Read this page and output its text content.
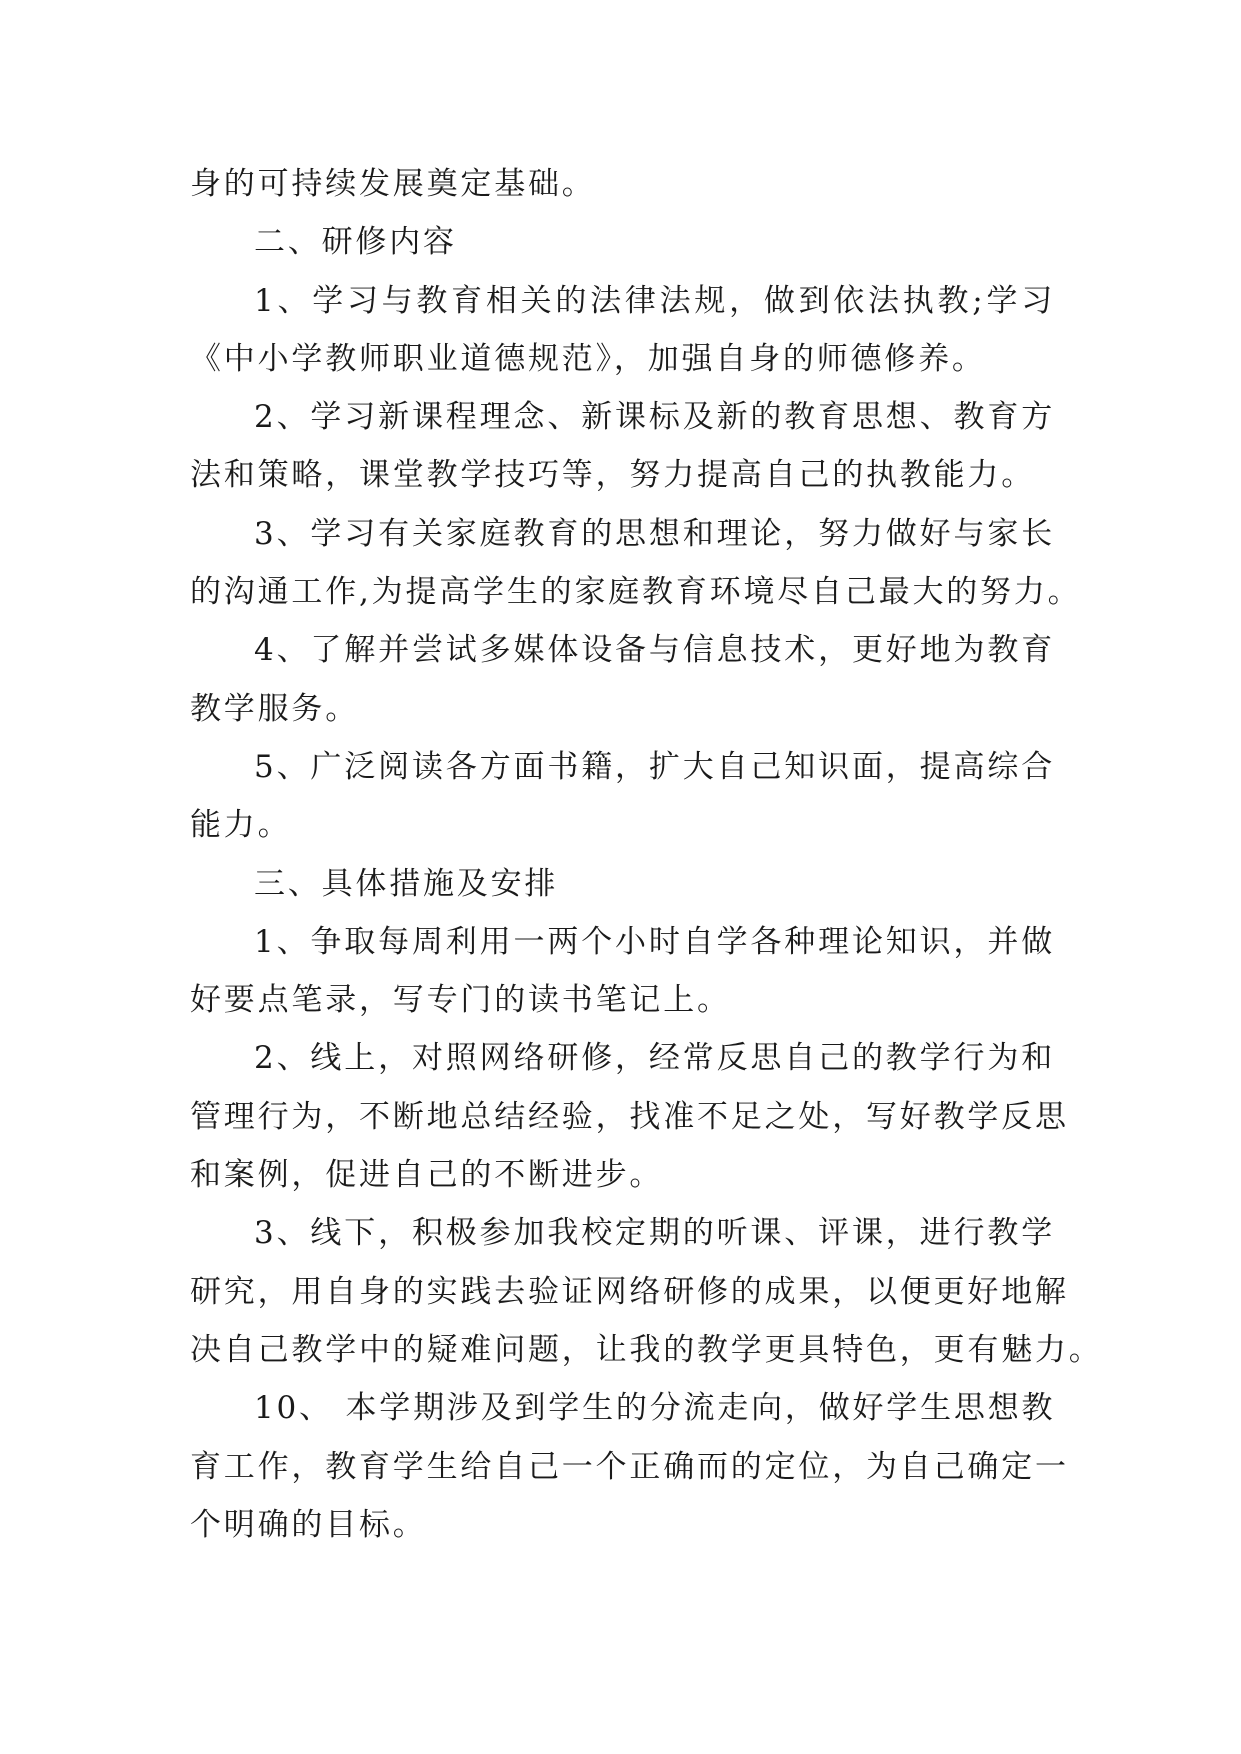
身的可持续发展奠定基础。
二、研修内容
1、学习与教育相关的法律法规，做到依法执教;学习
《中小学教师职业道德规范》，加强自身的师德修养。
2、学习新课程理念、新课标及新的教育思想、教育方
法和策略，课堂教学技巧等，努力提高自己的执教能力。
3、学习有关家庭教育的思想和理论，努力做好与家长
的沟通工作,为提高学生的家庭教育环境尽自己最大的努力。
4、了解并尝试多媒体设备与信息技术，更好地为教育
教学服务。
5、广泛阅读各方面书籍，扩大自己知识面，提高综合
能力。
三、具体措施及安排
1、争取每周利用一两个小时自学各种理论知识，并做
好要点笔录，写专门的读书笔记上。
2、线上，对照网络研修，经常反思自己的教学行为和
管理行为，不断地总结经验，找准不足之处，写好教学反思
和案例，促进自己的不断进步。
3、线下，积极参加我校定期的听课、评课，进行教学
研究，用自身的实践去验证网络研修的成果，以便更好地解
决自己教学中的疑难问题，让我的教学更具特色，更有魅力。
10、 本学期涉及到学生的分流走向，做好学生思想教
育工作，教育学生给自己一个正确而的定位，为自己确定一
个明确的目标。
